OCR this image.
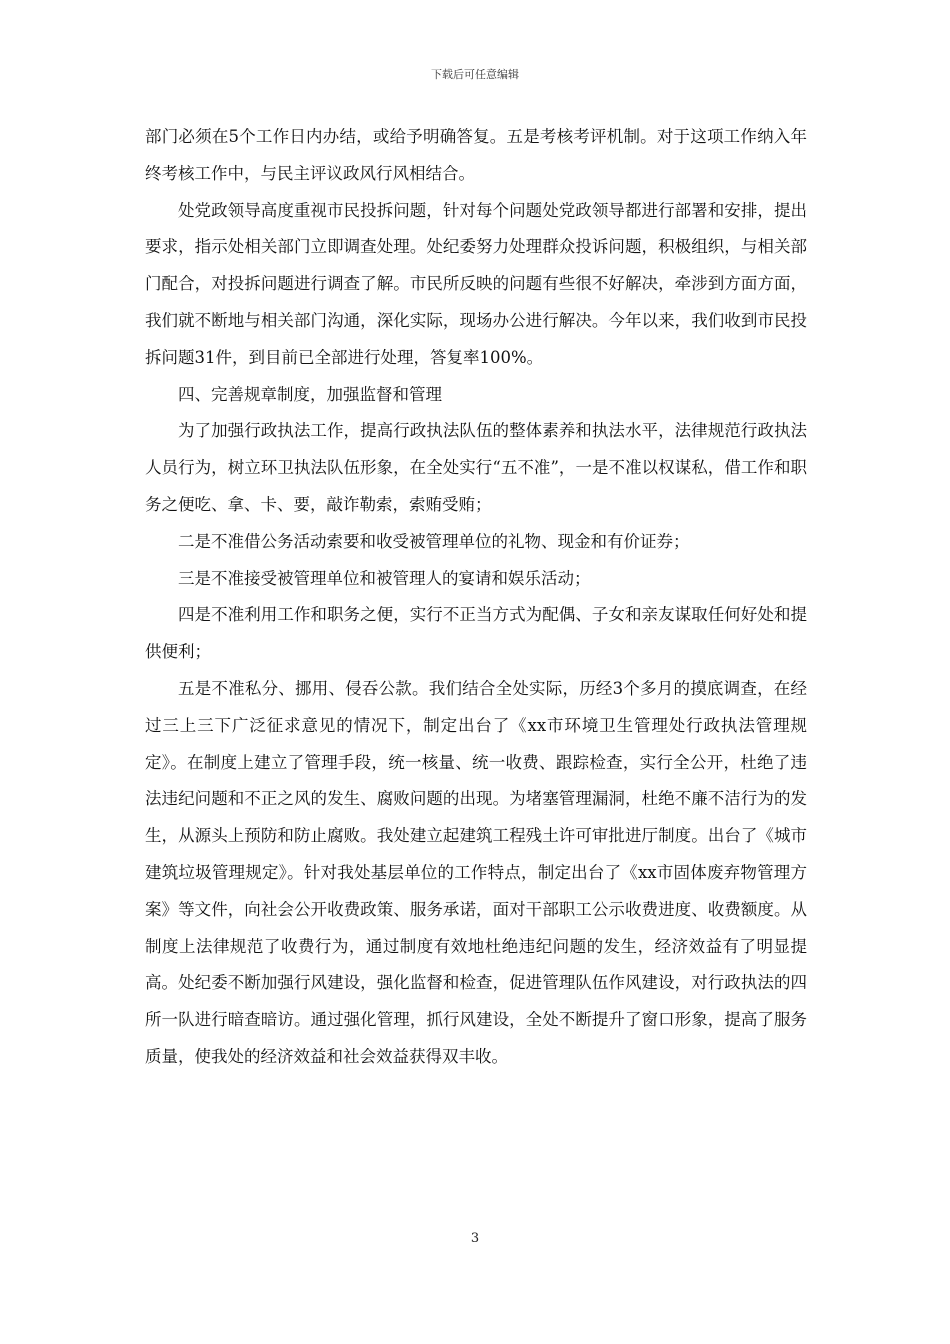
下载后可任意编辑

部门必须在5个工作日内办结，或给予明确答复。五是考核考评机制。对于这项工作纳入年终考核工作中，与民主评议政风行风相结合。

处党政领导高度重视市民投拆问题，针对每个问题处党政领导都进行部署和安排，提出要求，指示处相关部门立即调查处理。处纪委努力处理群众投诉问题，积极组织，与相关部门配合，对投拆问题进行调查了解。市民所反映的问题有些很不好解决，牵涉到方面方面，我们就不断地与相关部门沟通，深化实际，现场办公进行解决。今年以来，我们收到市民投拆问题31件，到目前已全部进行处理，答复率100%。

四、完善规章制度，加强监督和管理

为了加强行政执法工作，提高行政执法队伍的整体素养和执法水平，法律规范行政执法人员行为，树立环卫执法队伍形象，在全处实行“五不准”，一是不准以权谋私，借工作和职务之便吃、拿、卡、要，敲诈勒索，索贿受贿；

二是不准借公务活动索要和收受被管理单位的礼物、现金和有价证券；

三是不准接受被管理单位和被管理人的宴请和娱乐活动；

四是不准利用工作和职务之便，实行不正当方式为配偶、子女和亲友谋取任何好处和提供便利；

五是不准私分、挪用、侵吞公款。我们结合全处实际，历经3个多月的摸底调查，在经过三上三下广泛征求意见的情况下，制定出台了《xx市环境卫生管理处行政执法管理规定》。在制度上建立了管理手段，统一核量、统一收费、跟踪检查，实行全公开，杜绝了违法违纪问题和不正之风的发生、腐败问题的出现。为堵塞管理漏洞，杜绝不廉不洁行为的发生，从源头上预防和防止腐败。我处建立起建筑工程残土许可审批进厅制度。出台了《城市建筑垃圾管理规定》。针对我处基层单位的工作特点，制定出台了《xx市固体废弃物管理方案》等文件，向社会公开收费政策、服务承诺，面对干部职工公示收费进度、收费额度。从制度上法律规范了收费行为，通过制度有效地杜绝违纪问题的发生，经济效益有了明显提高。处纪委不断加强行风建设，强化监督和检查，促进管理队伍作风建设，对行政执法的四所一队进行暗查暗访。通过强化管理，抓行风建设，全处不断提升了窗口形象，提高了服务质量，使我处的经济效益和社会效益获得双丰收。

3
